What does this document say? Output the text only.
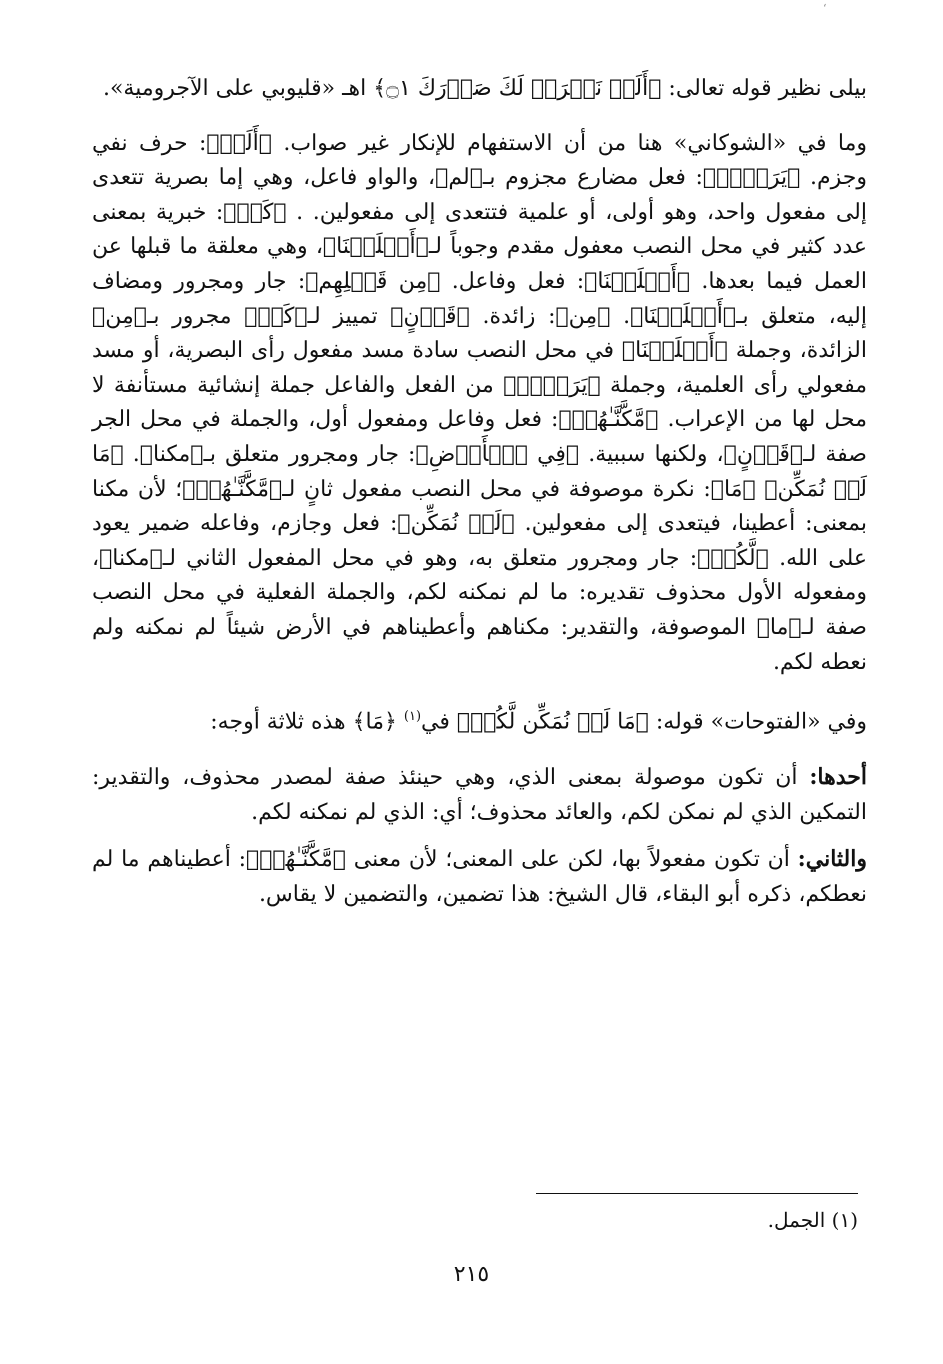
ʻ

بيلى نظير قوله تعالى: ﴿أَلَمۡ نَشۡرَحۡ لَكَ صَدۡرَكَ ۝١﴾ اهـ «قليوبي على الآجرومية».

وما في «الشوكاني» هنا من أن الاستفهام للإنكار غير صواب. ﴿أَلَمۡ﴾: حرف نفي وجزم. ﴿يَرَوۡا۟﴾: فعل مضارع مجزوم بـ﴿لم﴾، والواو فاعل، وهي إما بصرية تتعدى إلى مفعول واحد، وهو أولى، أو علمية فتتعدى إلى مفعولين. . ﴿كَمۡ﴾: خبرية بمعنى عدد كثير في محل النصب معفول مقدم وجوباً لـ﴿أَهۡلَكۡنَا﴾، وهي معلقة ما قبلها عن العمل فيما بعدها. ﴿أَهۡلَكۡنَا﴾: فعل وفاعل. ﴿مِن قَبۡلِهِم﴾: جار ومجرور ومضاف إليه، متعلق بـ﴿أَهۡلَكۡنَا﴾. ﴿مِن﴾: زائدة. ﴿قَرۡنٍ﴾ تمييز لـ﴿كَمۡ﴾ مجرور بـ﴿مِن﴾ الزائدة، وجملة ﴿أَهۡلَكۡنَا﴾ في محل النصب سادة مسد مفعول رأى البصرية، أو مسد مفعولي رأى العلمية، وجملة ﴿يَرَوۡا۟﴾ من الفعل والفاعل جملة إنشائية مستأنفة لا محل لها من الإعراب. ﴿مَّكَّنَّـٰهُمۡ﴾: فعل وفاعل ومفعول أول، والجملة في محل الجر صفة لـ﴿قَرۡنٍ﴾، ولكنها سببية. ﴿فِي ٱلۡأَرۡضِ﴾: جار ومجرور متعلق بـ﴿مكنا﴾. ﴿مَا لَمۡ نُمَكِّن﴾ ﴿مَا﴾: نكرة موصوفة في محل النصب مفعول ثانٍ لـ﴿مَّكَّنَّـٰهُمۡ﴾؛ لأن مكنا بمعنى: أعطينا، فيتعدى إلى مفعولين. ﴿لَمۡ نُمَكِّن﴾: فعل وجازم، وفاعله ضمير يعود على الله. ﴿لَّكُمۡ﴾: جار ومجرور متعلق به، وهو في محل المفعول الثاني لـ﴿مكنا﴾، ومفعوله الأول محذوف تقديره: ما لم نمكنه لكم، والجملة الفعلية في محل النصب صفة لـ﴿ما﴾ الموصوفة، والتقدير: مكناهم وأعطيناهم في الأرض شيئاً لم نمكنه ولم نعطه لكم.

وفي «الفتوحات» قوله: ﴿مَا لَمۡ نُمَكِّن لَّكُمۡ﴾ في$^{(١)}$ ﴿مَا﴾ هذه ثلاثة أوجه:

أحدها: أن تكون موصولة بمعنى الذي، وهي حينئذ صفة لمصدر محذوف، والتقدير: التمكين الذي لم نمكن لكم، والعائد محذوف؛ أي: الذي لم نمكنه لكم.

والثاني: أن تكون مفعولاً بها، لكن على المعنى؛ لأن معنى ﴿مَّكَّنَّـٰهُمۡ﴾: أعطيناهم ما لم نعطكم، ذكره أبو البقاء، قال الشيخ: هذا تضمين، والتضمين لا يقاس.

(١) الجمل.
٢١٥
